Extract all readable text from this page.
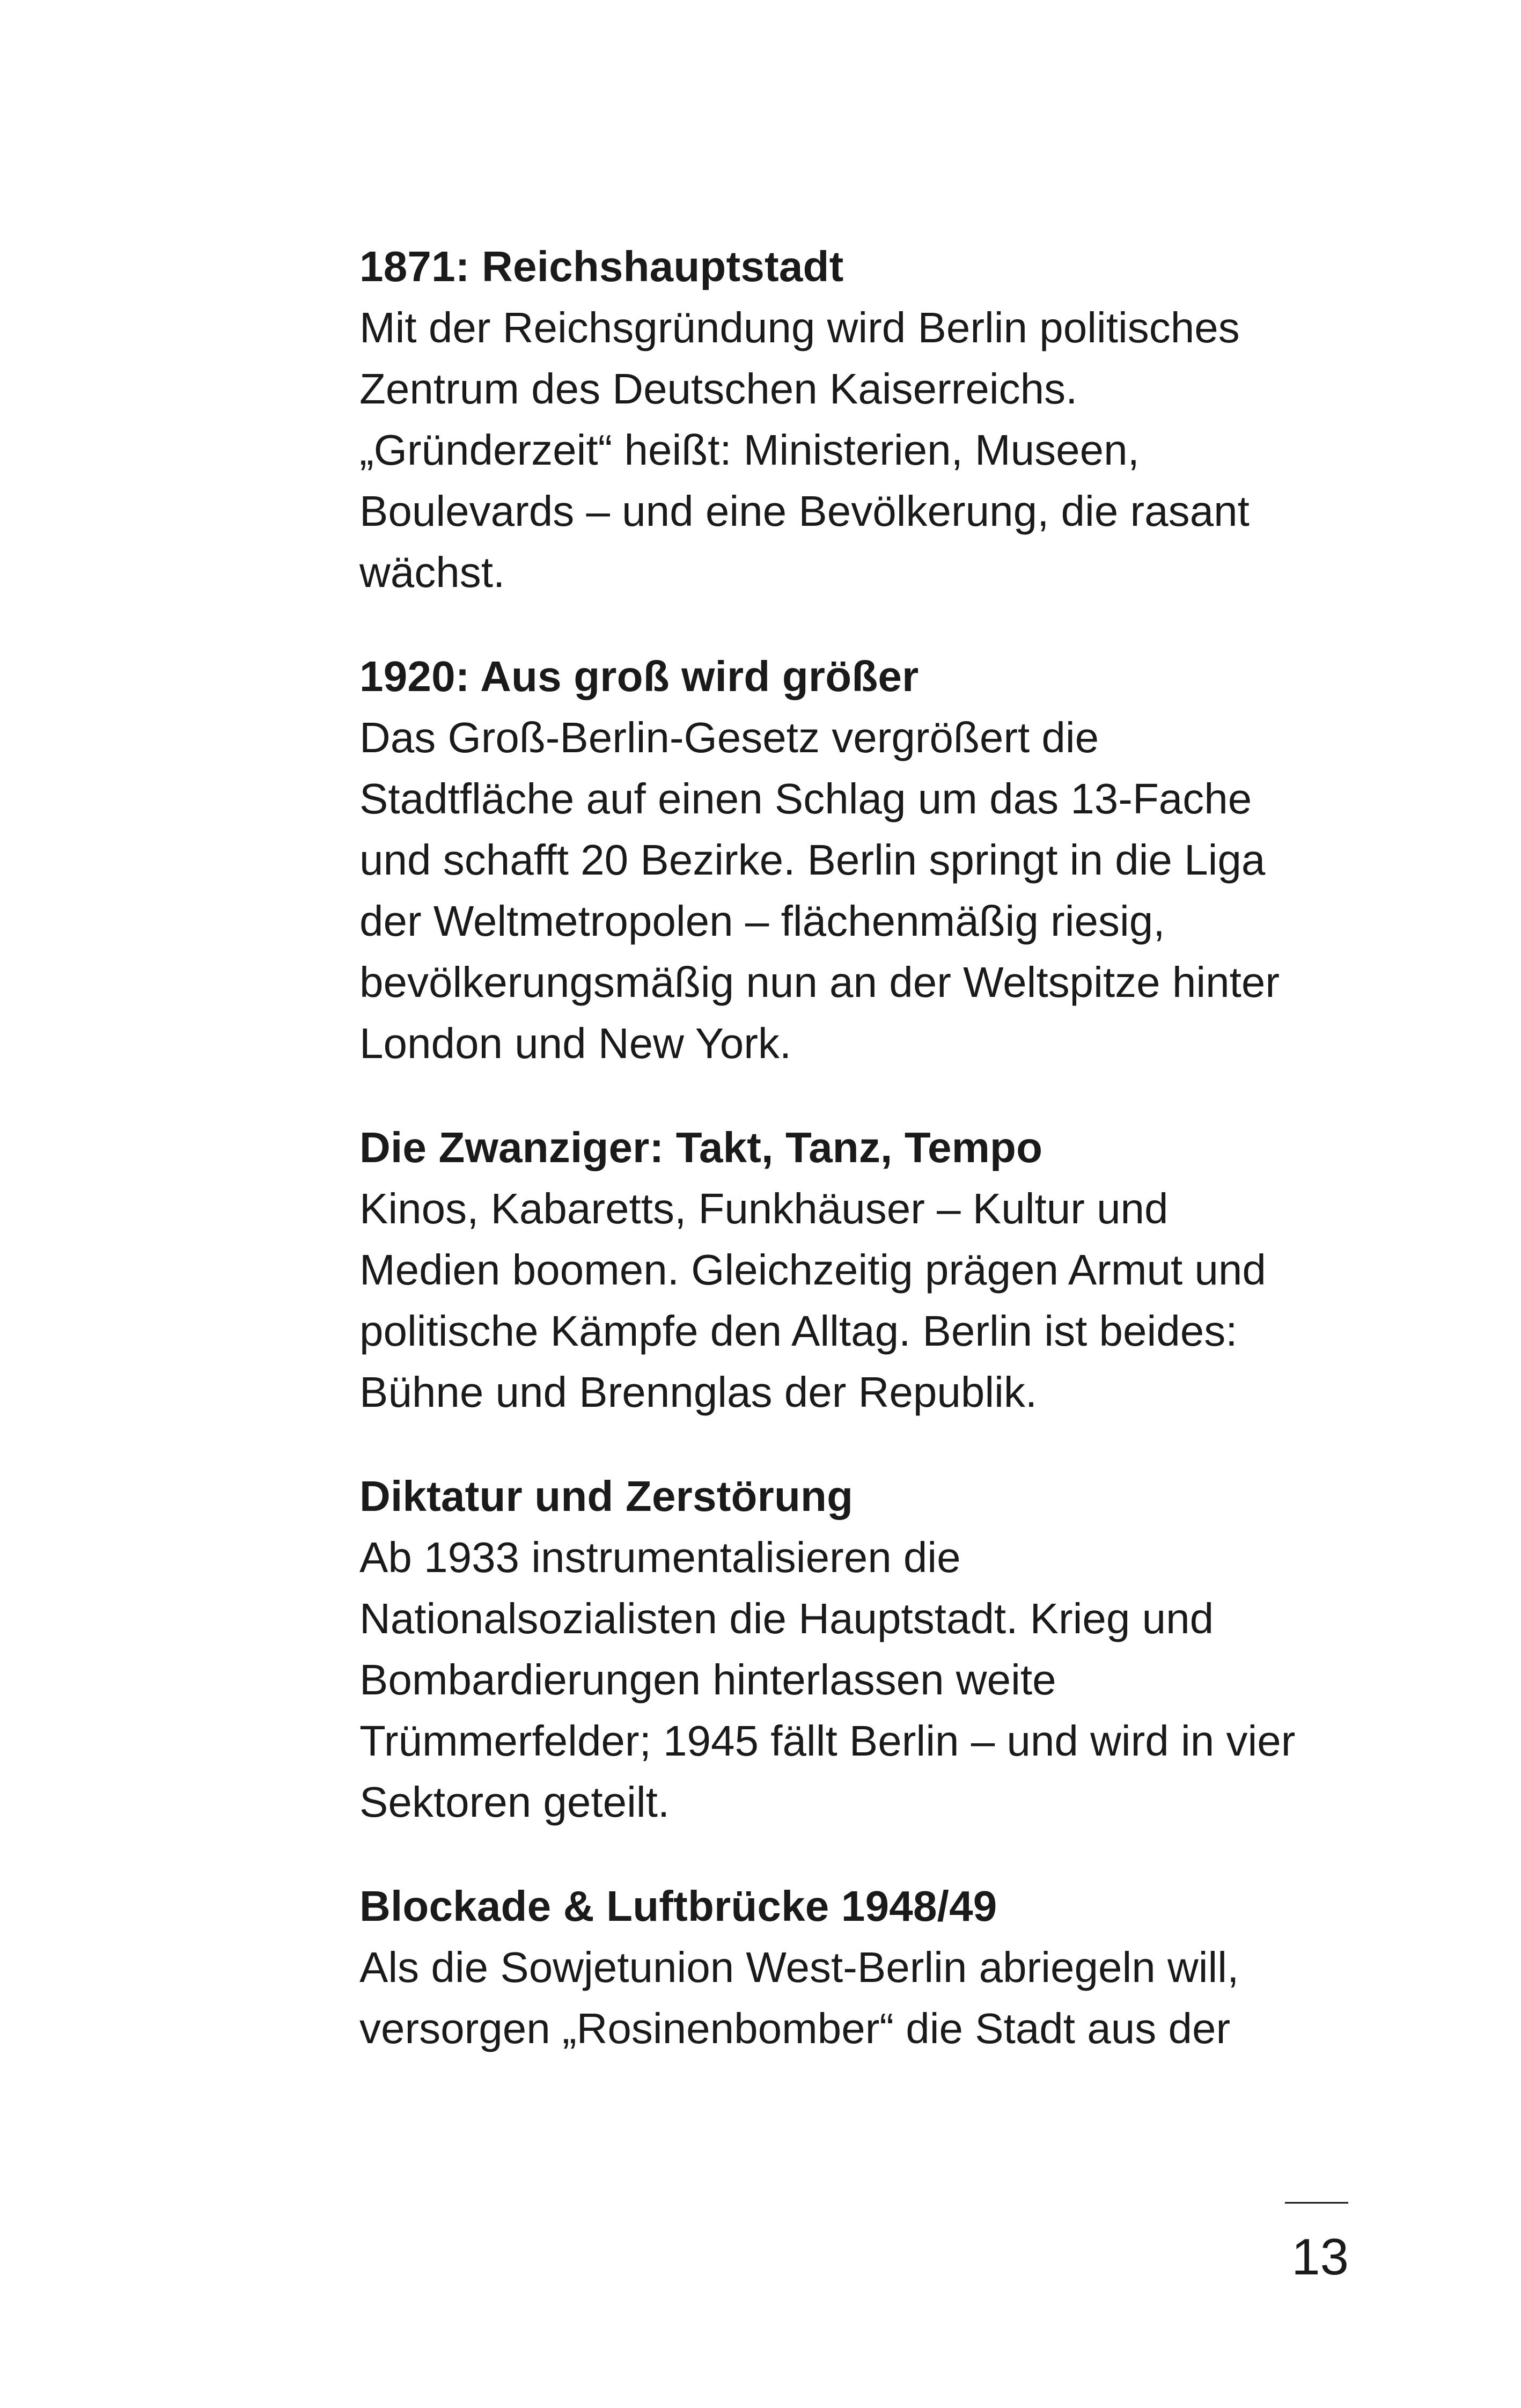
1871: Reichshauptstadt

Mit der Reichsgründung wird Berlin politisches
Zentrum des Deutschen Kaiserreichs.
„Gründerzeit“ heißt: Ministerien, Museen,
Boulevards – und eine Bevölkerung, die rasant
wächst.

1920: Aus groß wird größer

Das Groß-Berlin-Gesetz vergrößert die
Stadtfläche auf einen Schlag um das 13-Fache
und schafft 20 Bezirke. Berlin springt in die Liga
der Weltmetropolen – flächenmäßig riesig,
bevölkerungsmäßig nun an der Weltspitze hinter
London und New York.

Die Zwanziger: Takt, Tanz, Tempo

Kinos, Kabaretts, Funkhäuser – Kultur und
Medien boomen. Gleichzeitig prägen Armut und
politische Kämpfe den Alltag. Berlin ist beides:
Bühne und Brennglas der Republik.

Diktatur und Zerstörung

Ab 1933 instrumentalisieren die
Nationalsozialisten die Hauptstadt. Krieg und
Bombardierungen hinterlassen weite
Trümmerfelder; 1945 fällt Berlin – und wird in vier
Sektoren geteilt.

Blockade & Luftbrücke 1948/49

Als die Sowjetunion West-Berlin abriegeln will,
versorgen „Rosinenbomber“ die Stadt aus der

13
